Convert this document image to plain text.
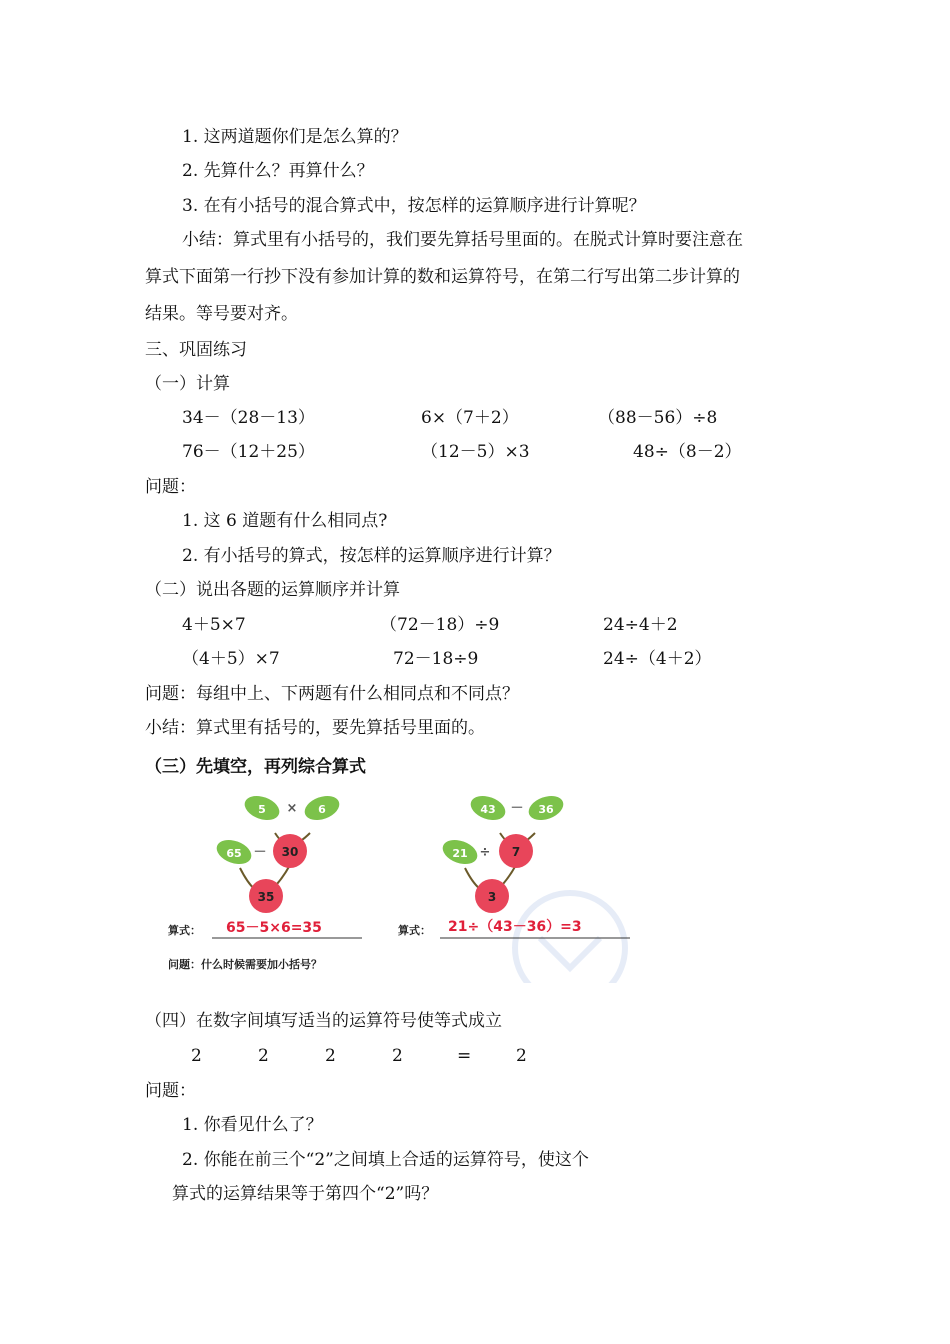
1. 这两道题你们是怎么算的？
2. 先算什么？再算什么？
3. 在有小括号的混合算式中，按怎样的运算顺序进行计算呢？
小结：算式里有小括号的，我们要先算括号里面的。在脱式计算时要注意在
算式下面第一行抄下没有参加计算的数和运算符号，在第二行写出第二步计算的
结果。等号要对齐。
三、巩固练习
（一）计算
34－（28－13）	6×（7＋2）	（88－56）÷8
76－（12＋25）	（12－5）×3	48÷（8－2）
问题：
1. 这 6 道题有什么相同点?
2. 有小括号的算式，按怎样的运算顺序进行计算？
（二）说出各题的运算顺序并计算
4＋5×7	（72－18）÷9	24÷4＋2
（4＋5）×7	72－18÷9	24÷（4＋2）
问题：每组中上、下两题有什么相同点和不同点？
小结：算式里有括号的，要先算括号里面的。
（三）先填空，再列综合算式
5 × 6
30
65 －
35
43 － 36
7
21 ÷
3
算式： 65－5×6=35	算式： 21÷（43－36）=3
问题：什么时候需要加小括号？
（四）在数字间填写适当的运算符号使等式成立
2	2	2	2	=	2
问题：
1. 你看见什么了？
2. 你能在前三个“2”之间填上合适的运算符号，使这个
算式的运算结果等于第四个“2”吗？
